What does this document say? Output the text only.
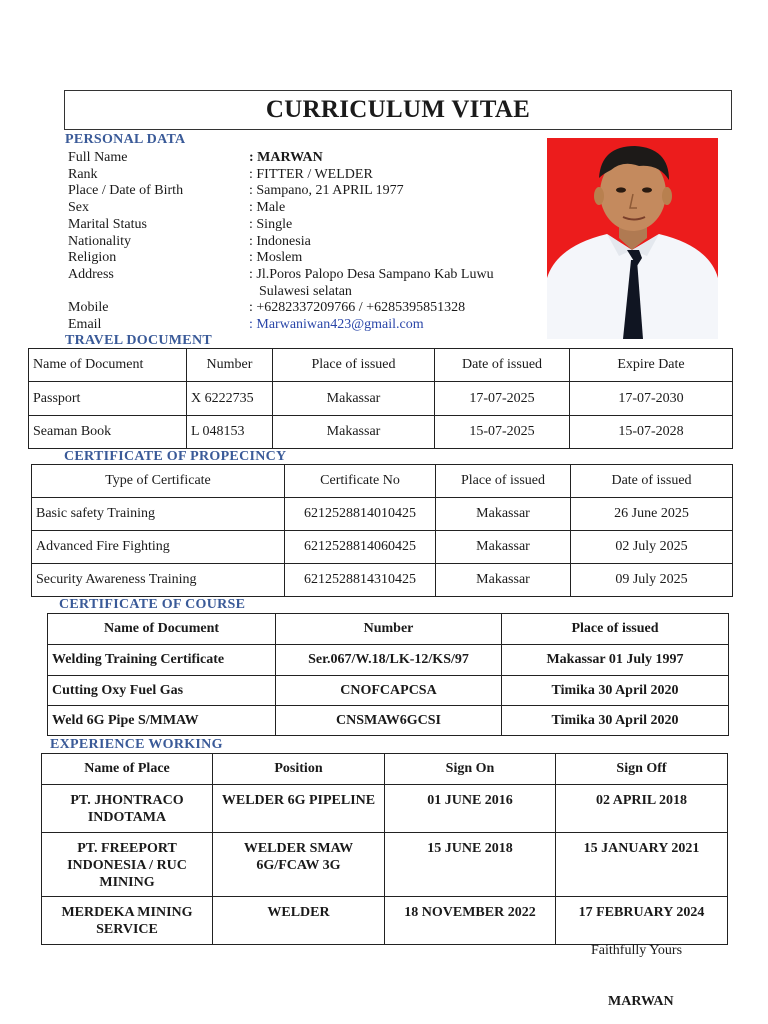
CURRICULUM VITAE
PERSONAL DATA
Full Name	: MARWAN
Rank	: FITTER / WELDER
Place / Date of Birth	: Sampano, 21 APRIL 1977
Sex	: Male
Marital Status	: Single
Nationality	: Indonesia
Religion	: Moslem
Address	: Jl.Poros Palopo Desa Sampano Kab Luwu
Sulawesi selatan
Mobile	: +6282337209766 / +6285395851328
Email	: Marwaniwan423@gmail.com
TRAVEL DOCUMENT
Name of Document	Number	Place of issued	Date of issued	Expire Date
Passport	X 6222735	Makassar	17-07-2025	17-07-2030
Seaman Book	L 048153	Makassar	15-07-2025	15-07-2028
CERTIFICATE OF PROPECINCY
Type of Certificate	Certificate No	Place of issued	Date of issued
Basic safety Training	6212528814010425	Makassar	26 June 2025
Advanced Fire Fighting	6212528814060425	Makassar	02 July 2025
Security Awareness Training	6212528814310425	Makassar	09 July 2025
CERTIFICATE OF COURSE
Name of Document	Number	Place of issued
Welding Training Certificate	Ser.067/W.18/LK-12/KS/97	Makassar 01 July 1997
Cutting Oxy Fuel Gas	CNOFCAPCSA	Timika 30 April 2020
Weld 6G Pipe S/MMAW	CNSMAW6GCSI	Timika 30 April 2020
EXPERIENCE WORKING
Name of Place	Position	Sign On	Sign Off
PT. JHONTRACO INDOTAMA	WELDER 6G PIPELINE	01 JUNE 2016	02 APRIL 2018
PT. FREEPORT INDONESIA / RUC MINING	WELDER SMAW 6G/FCAW 3G	15 JUNE 2018	15 JANUARY 2021
MERDEKA MINING SERVICE	WELDER	18 NOVEMBER 2022	17 FEBRUARY 2024
Faithfully Yours
MARWAN
